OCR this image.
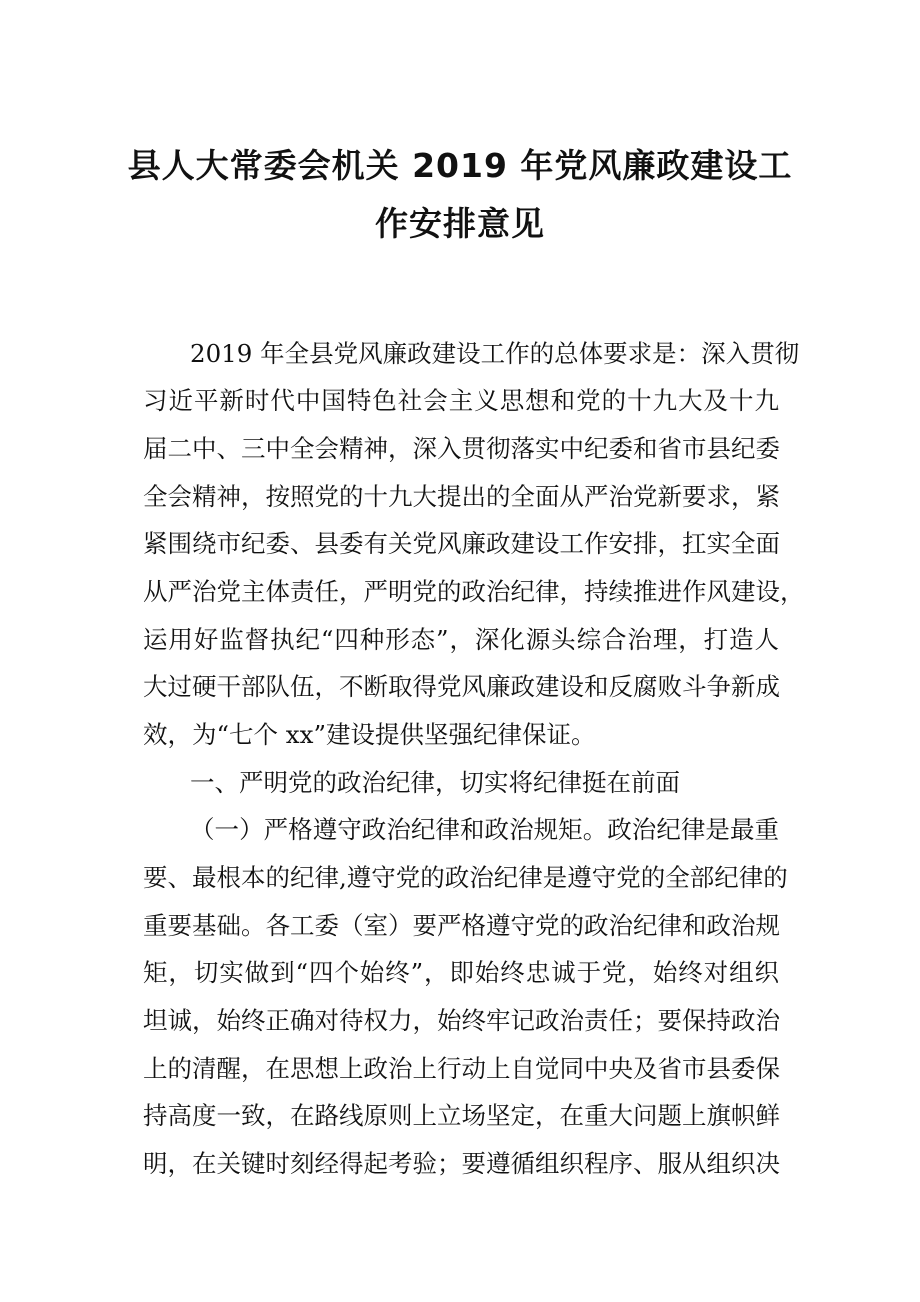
县人大常委会机关 2019 年党风廉政建设工
作安排意见

2019 年全县党风廉政建设工作的总体要求是：深入贯彻

习近平新时代中国特色社会主义思想和党的十九大及十九

届二中、三中全会精神，深入贯彻落实中纪委和省市县纪委

全会精神，按照党的十九大提出的全面从严治党新要求，紧

紧围绕市纪委、县委有关党风廉政建设工作安排，扛实全面

从严治党主体责任，严明党的政治纪律，持续推进作风建设，

运用好监督执纪“四种形态”，深化源头综合治理，打造人

大过硬干部队伍，不断取得党风廉政建设和反腐败斗争新成

效，为“七个 xx”建设提供坚强纪律保证。

一、严明党的政治纪律，切实将纪律挺在前面

（一）严格遵守政治纪律和政治规矩。政治纪律是最重

要、最根本的纪律,遵守党的政治纪律是遵守党的全部纪律的

重要基础。各工委（室）要严格遵守党的政治纪律和政治规

矩，切实做到“四个始终”，即始终忠诚于党，始终对组织

坦诚，始终正确对待权力，始终牢记政治责任；要保持政治

上的清醒，在思想上政治上行动上自觉同中央及省市县委保

持高度一致，在路线原则上立场坚定，在重大问题上旗帜鲜

明，在关键时刻经得起考验；要遵循组织程序、服从组织决
